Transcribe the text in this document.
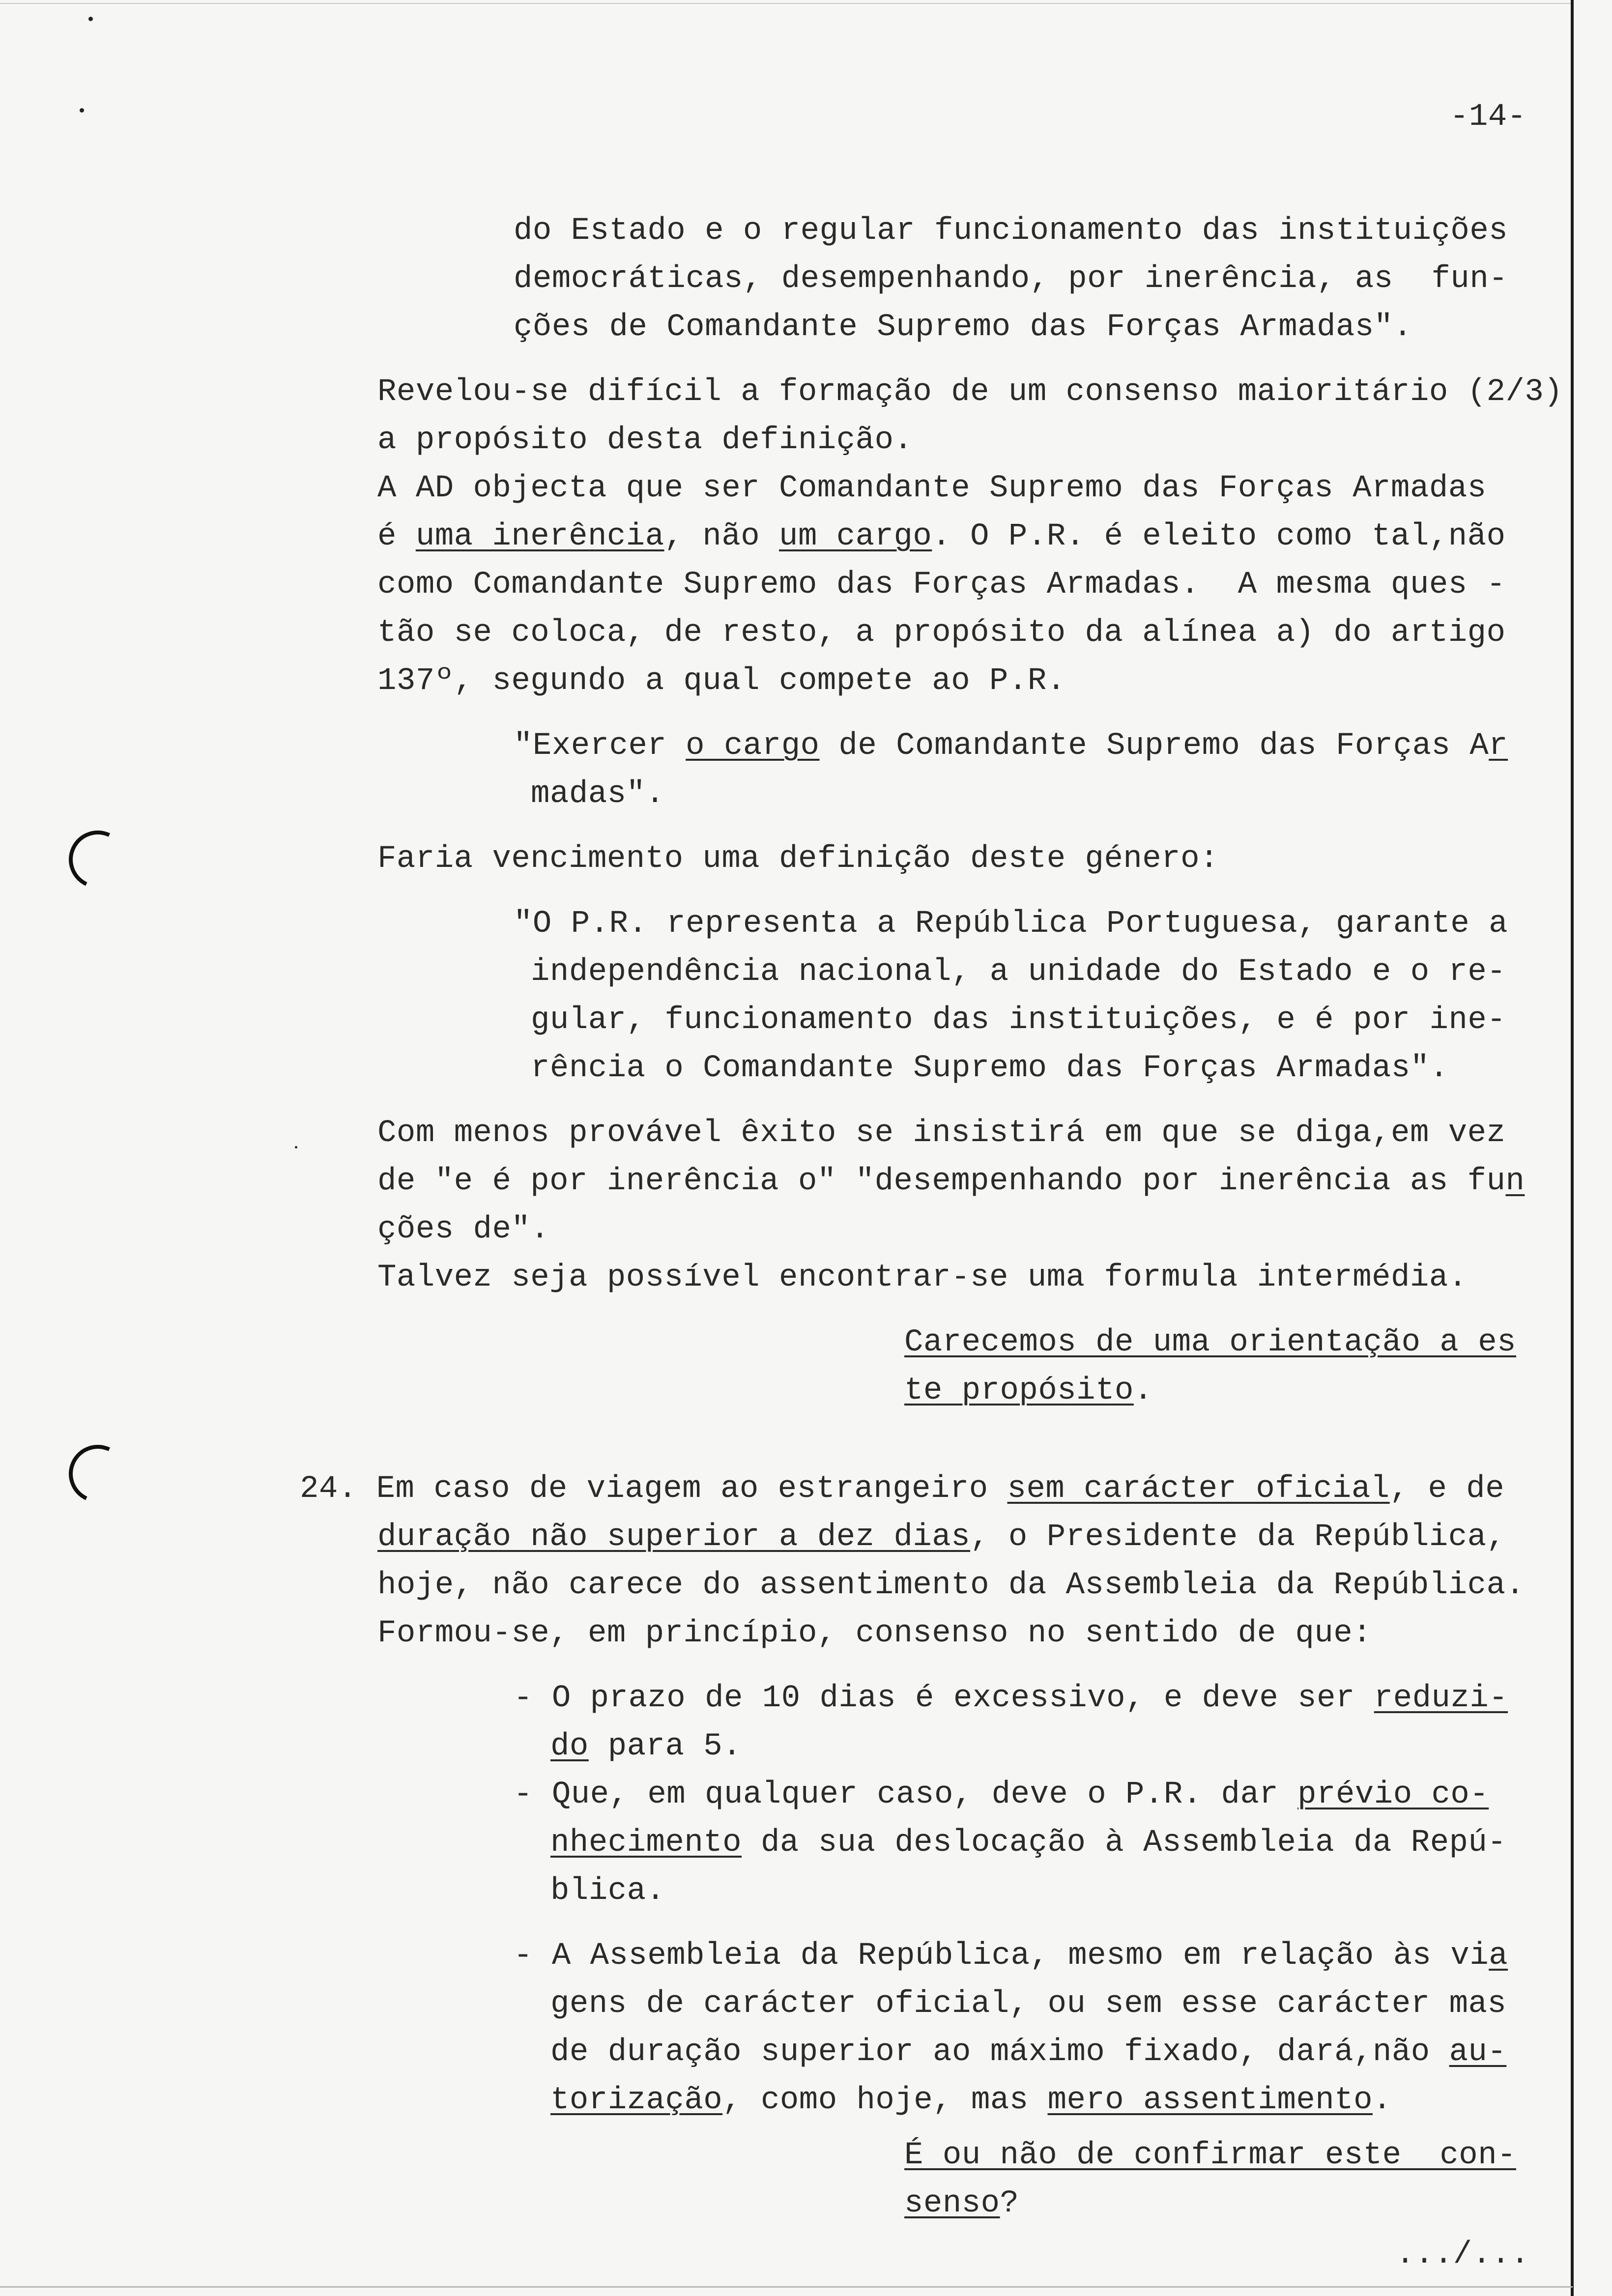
-14-
do Estado e o regular funcionamento das instituições
democráticas, desempenhando, por inerência, as  fun-
ções de Comandante Supremo das Forças Armadas".
Revelou-se difícil a formação de um consenso maioritário (2/3)
a propósito desta definição.
A AD objecta que ser Comandante Supremo das Forças Armadas
é uma inerência, não um cargo. O P.R. é eleito como tal,não
como Comandante Supremo das Forças Armadas.  A mesma ques -
tão se coloca, de resto, a propósito da alínea a) do artigo
137º, segundo a qual compete ao P.R.
"Exercer o cargo de Comandante Supremo das Forças Ar
madas".
Faria vencimento uma definição deste género:
"O P.R. representa a República Portuguesa, garante a
independência nacional, a unidade do Estado e o re-
gular, funcionamento das instituições, e é por ine-
rência o Comandante Supremo das Forças Armadas".
Com menos provável êxito se insistirá em que se diga,em vez
de "e é por inerência o" "desempenhando por inerência as fun
ções de".
Talvez seja possível encontrar-se uma formula intermédia.
Carecemos de uma orientação a es
te propósito.
24. Em caso de viagem ao estrangeiro sem carácter oficial, e de
duração não superior a dez dias, o Presidente da República,
hoje, não carece do assentimento da Assembleia da República.
Formou-se, em princípio, consenso no sentido de que:
- O prazo de 10 dias é excessivo, e deve ser reduzi-
do para 5.
- Que, em qualquer caso, deve o P.R. dar prévio co-
nhecimento da sua deslocação à Assembleia da Repú-
blica.
- A Assembleia da República, mesmo em relação às via
gens de carácter oficial, ou sem esse carácter mas
de duração superior ao máximo fixado, dará,não au-
torização, como hoje, mas mero assentimento.
É ou não de confirmar este  con-
senso?
.../...
